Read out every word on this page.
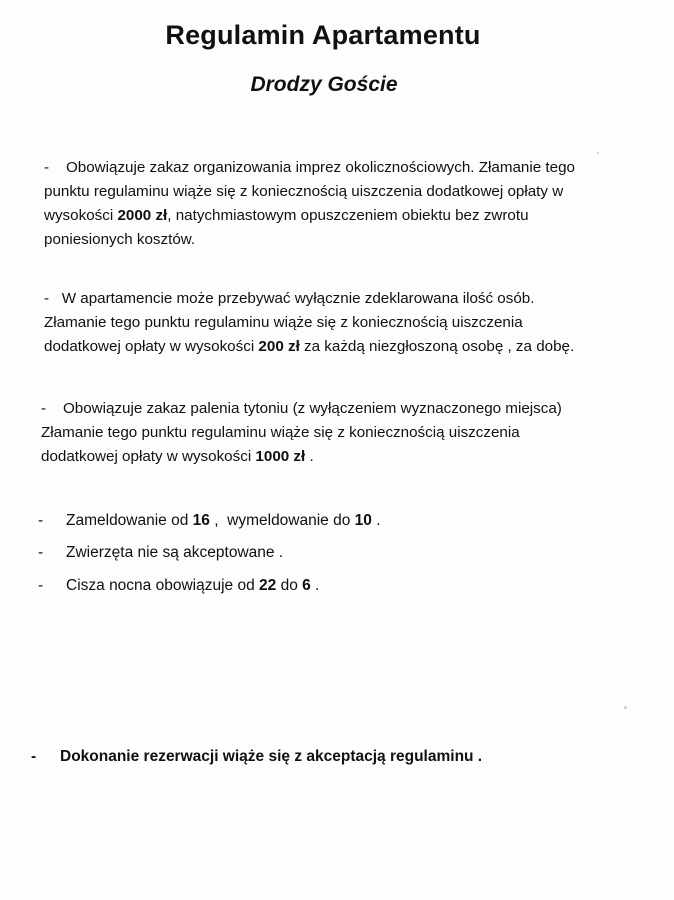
Regulamin Apartamentu
Drodzy Goście
- Obowiązuje zakaz organizowania imprez okolicznościowych. Złamanie tego
punktu regulaminu wiąże się z koniecznością uiszczenia dodatkowej opłaty w
wysokości 2000 zł, natychmiastowym opuszczeniem obiektu bez zwrotu
poniesionych kosztów.
- W apartamencie może przebywać wyłącznie zdeklarowana ilość osób.
Złamanie tego punktu regulaminu wiąże się z koniecznością uiszczenia
dodatkowej opłaty w wysokości 200 zł za każdą niezgłoszoną osobę , za dobę.
- Obowiązuje zakaz palenia tytoniu (z wyłączeniem wyznaczonego miejsca)
Złamanie tego punktu regulaminu wiąże się z koniecznością uiszczenia
dodatkowej opłaty w wysokości 1000 zł .
- Zameldowanie od 16 ,  wymeldowanie do 10 .
- Zwierzęta nie są akceptowane .
- Cisza nocna obowiązuje od 22 do 6 .
- Dokonanie rezerwacji wiąże się z akceptacją regulaminu .
